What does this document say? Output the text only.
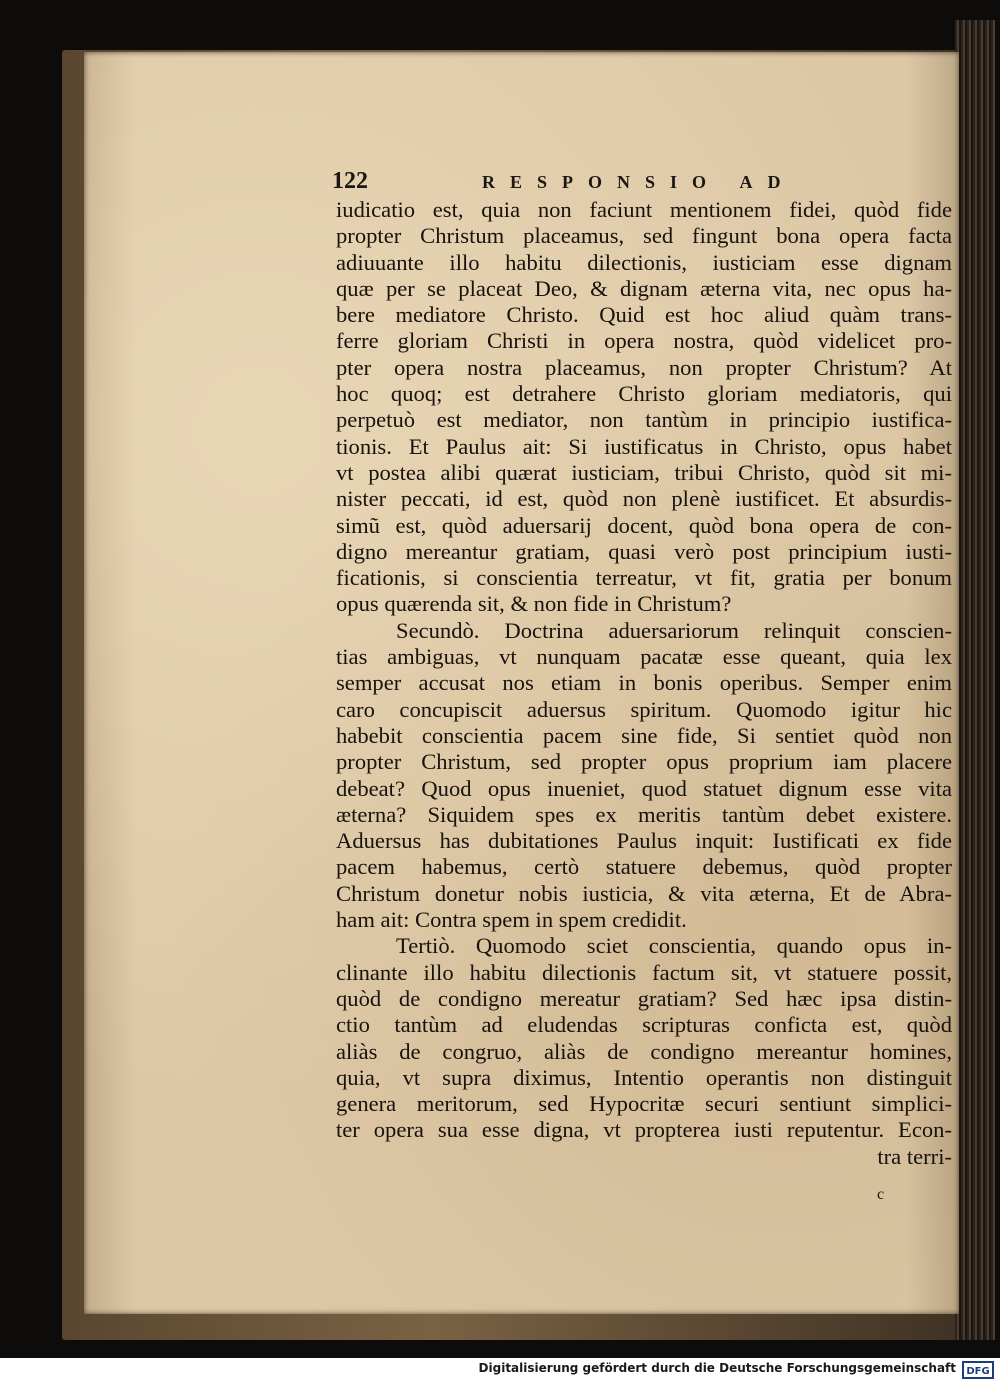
122	RESPONSIO AD
iudicatio est, quia non faciunt mentionem fidei, quòd fide
propter Christum placeamus, sed fingunt bona opera facta
adiuuante illo habitu dilectionis, iusticiam esse dignam
quæ per se placeat Deo, & dignam æterna vita, nec opus ha-
bere mediatore Christo. Quid est hoc aliud quàm trans-
ferre gloriam Christi in opera nostra, quòd videlicet pro-
pter opera nostra placeamus, non propter Christum? At
hoc quoq; est detrahere Christo gloriam mediatoris, qui
perpetuò est mediator, non tantùm in principio iustifica-
tionis. Et Paulus ait: Si iustificatus in Christo, opus habet
vt postea alibi quærat iusticiam, tribui Christo, quòd sit mi-
nister peccati, id est, quòd non plenè iustificet. Et absurdis-
simũ est, quòd aduersarij docent, quòd bona opera de con-
digno mereantur gratiam, quasi verò post principium iusti-
ficationis, si conscientia terreatur, vt fit, gratia per bonum
opus quærenda sit, & non fide in Christum?
Secundò. Doctrina aduersariorum relinquit conscien-
tias ambiguas, vt nunquam pacatæ esse queant, quia lex
semper accusat nos etiam in bonis operibus. Semper enim
caro concupiscit aduersus spiritum. Quomodo igitur hic
habebit conscientia pacem sine fide, Si sentiet quòd non
propter Christum, sed propter opus proprium iam placere
debeat? Quod opus inueniet, quod statuet dignum esse vita
æterna? Siquidem spes ex meritis tantùm debet existere.
Aduersus has dubitationes Paulus inquit: Iustificati ex fide
pacem habemus, certò statuere debemus, quòd propter
Christum donetur nobis iusticia, & vita æterna, Et de Abra-
ham ait: Contra spem in spem credidit.
Tertiò. Quomodo sciet conscientia, quando opus in-
clinante illo habitu dilectionis factum sit, vt statuere possit,
quòd de condigno mereatur gratiam? Sed hæc ipsa distin-
ctio tantùm ad eludendas scripturas conficta est, quòd
aliàs de congruo, aliàs de condigno mereantur homines,
quia, vt supra diximus, Intentio operantis non distinguit
genera meritorum, sed Hypocritæ securi sentiunt simplici-
ter opera sua esse digna, vt propterea iusti reputentur. Econ-
tra terri-
c
Digitalisierung gefördert durch die Deutsche Forschungsgemeinschaft	DFG
